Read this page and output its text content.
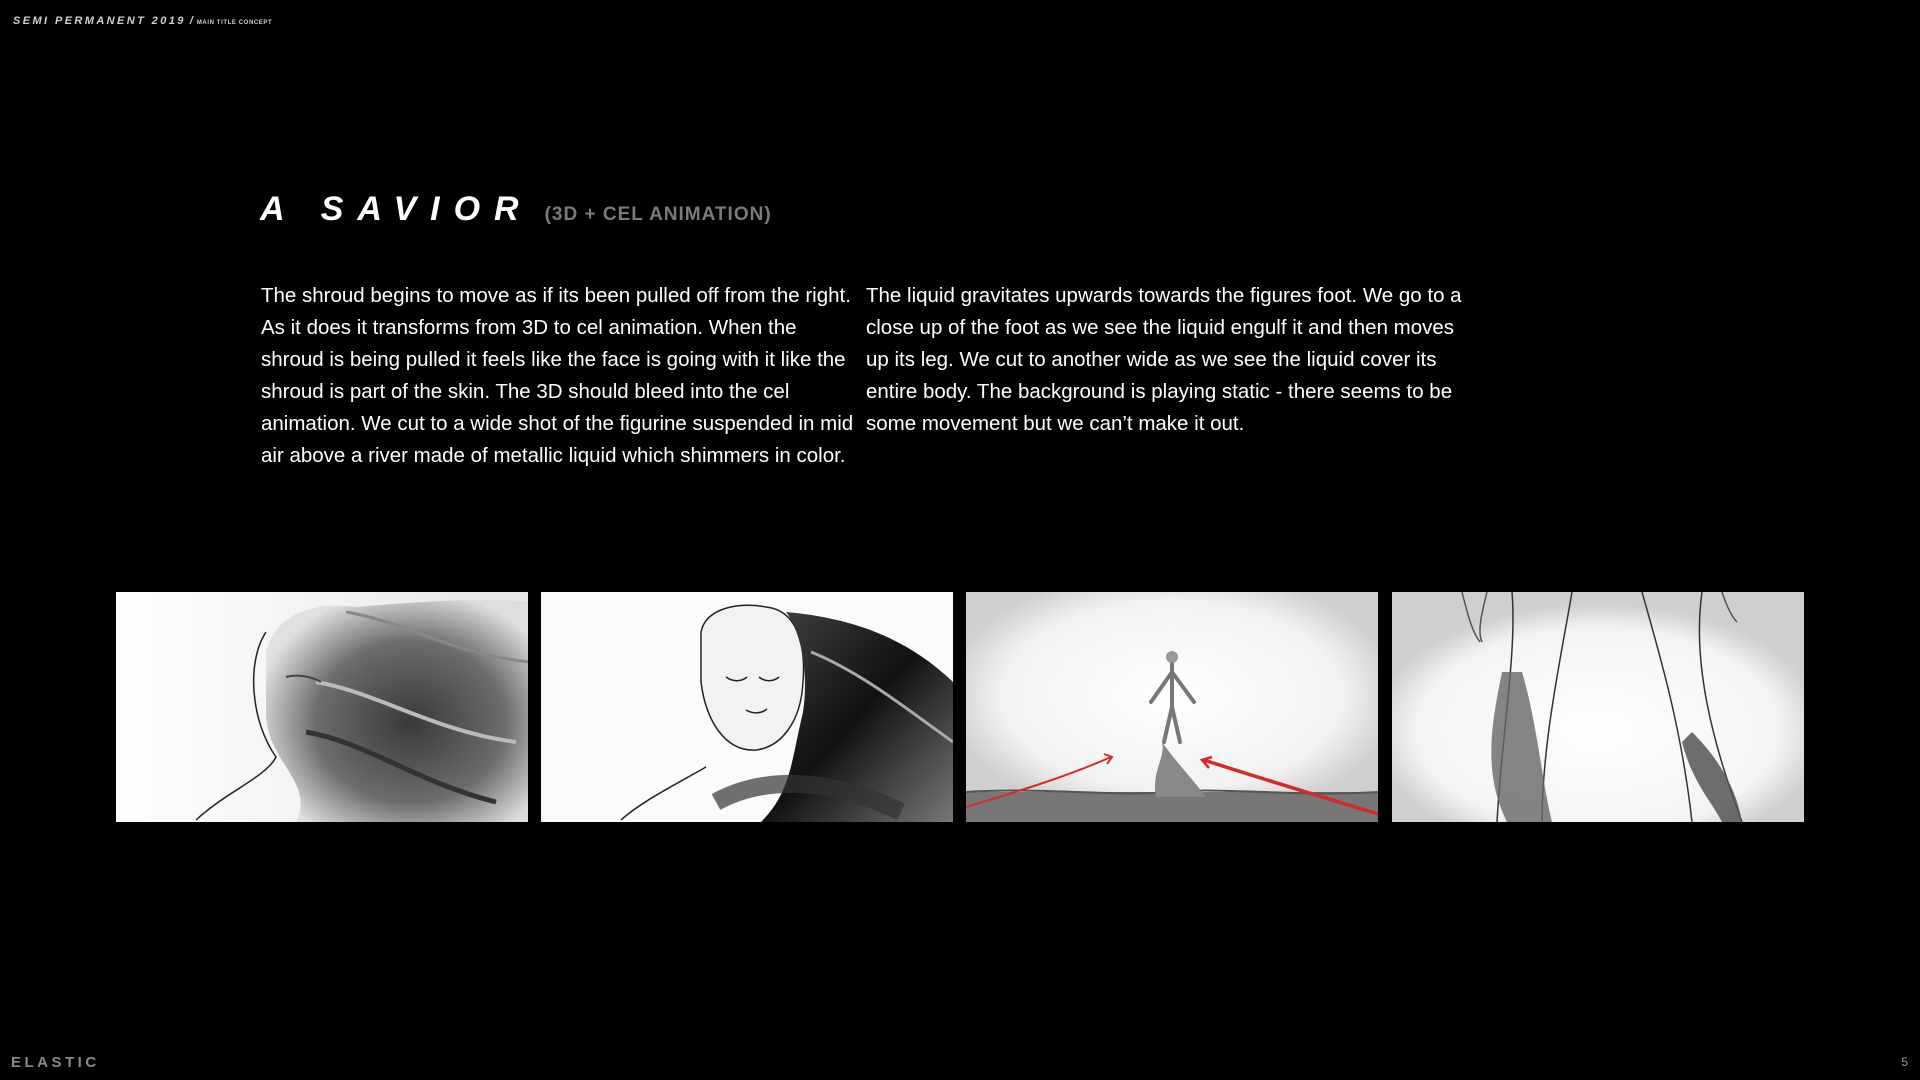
SEMI PERMANENT 2019 / MAIN TITLE CONCEPT
A SAVIOR (3D + CEL ANIMATION)

The shroud begins to move as if its been pulled off from the right. As it does it transforms from 3D to cel animation. When the shroud is being pulled it feels like the face is going with it like the shroud is part of the skin. The 3D should bleed into the cel animation. We cut to a wide shot of the figurine suspended in mid air above a river made of metallic liquid which shimmers in color.

The liquid gravitates upwards towards the figures foot. We go to a close up of the foot as we see the liquid engulf it and then moves up its leg. We cut to another wide as we see the liquid cover its entire body. The background is playing static - there seems to be some movement but we can’t make it out.

ELASTIC	5
